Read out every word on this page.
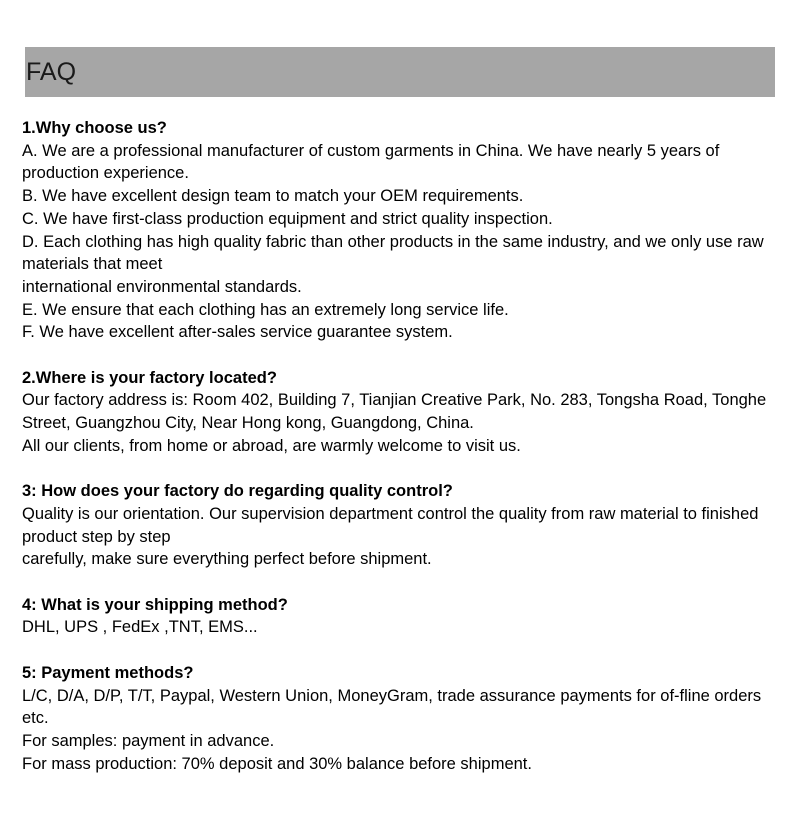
FAQ
1.Why choose us?
A. We are a professional manufacturer of custom garments in China. We have nearly 5 years of production experience.
B. We have excellent design team to match your OEM requirements.
C. We have first-class production equipment and strict quality inspection.
D. Each clothing has high quality fabric than other products in the same industry, and we only use raw materials that meet
international environmental standards.
E. We ensure that each clothing has an extremely long service life.
F. We have excellent after-sales service guarantee system.
2.Where is your factory located?
Our factory address is: Room 402, Building 7, Tianjian Creative Park, No. 283, Tongsha Road, Tonghe Street, Guangzhou City, Near Hong kong, Guangdong, China.
All our clients, from home or abroad, are warmly welcome to visit us.
3: How does your factory do regarding quality control?
Quality is our orientation. Our supervision department control the quality from raw material to finished product step by step
carefully, make sure everything perfect before shipment.
4: What is your shipping method?
DHL, UPS , FedEx ,TNT, EMS...
5: Payment methods?
L/C, D/A, D/P, T/T, Paypal, Western Union, MoneyGram, trade assurance payments for of-fline orders etc.
For samples: payment in advance.
For mass production: 70% deposit and 30% balance before shipment.
